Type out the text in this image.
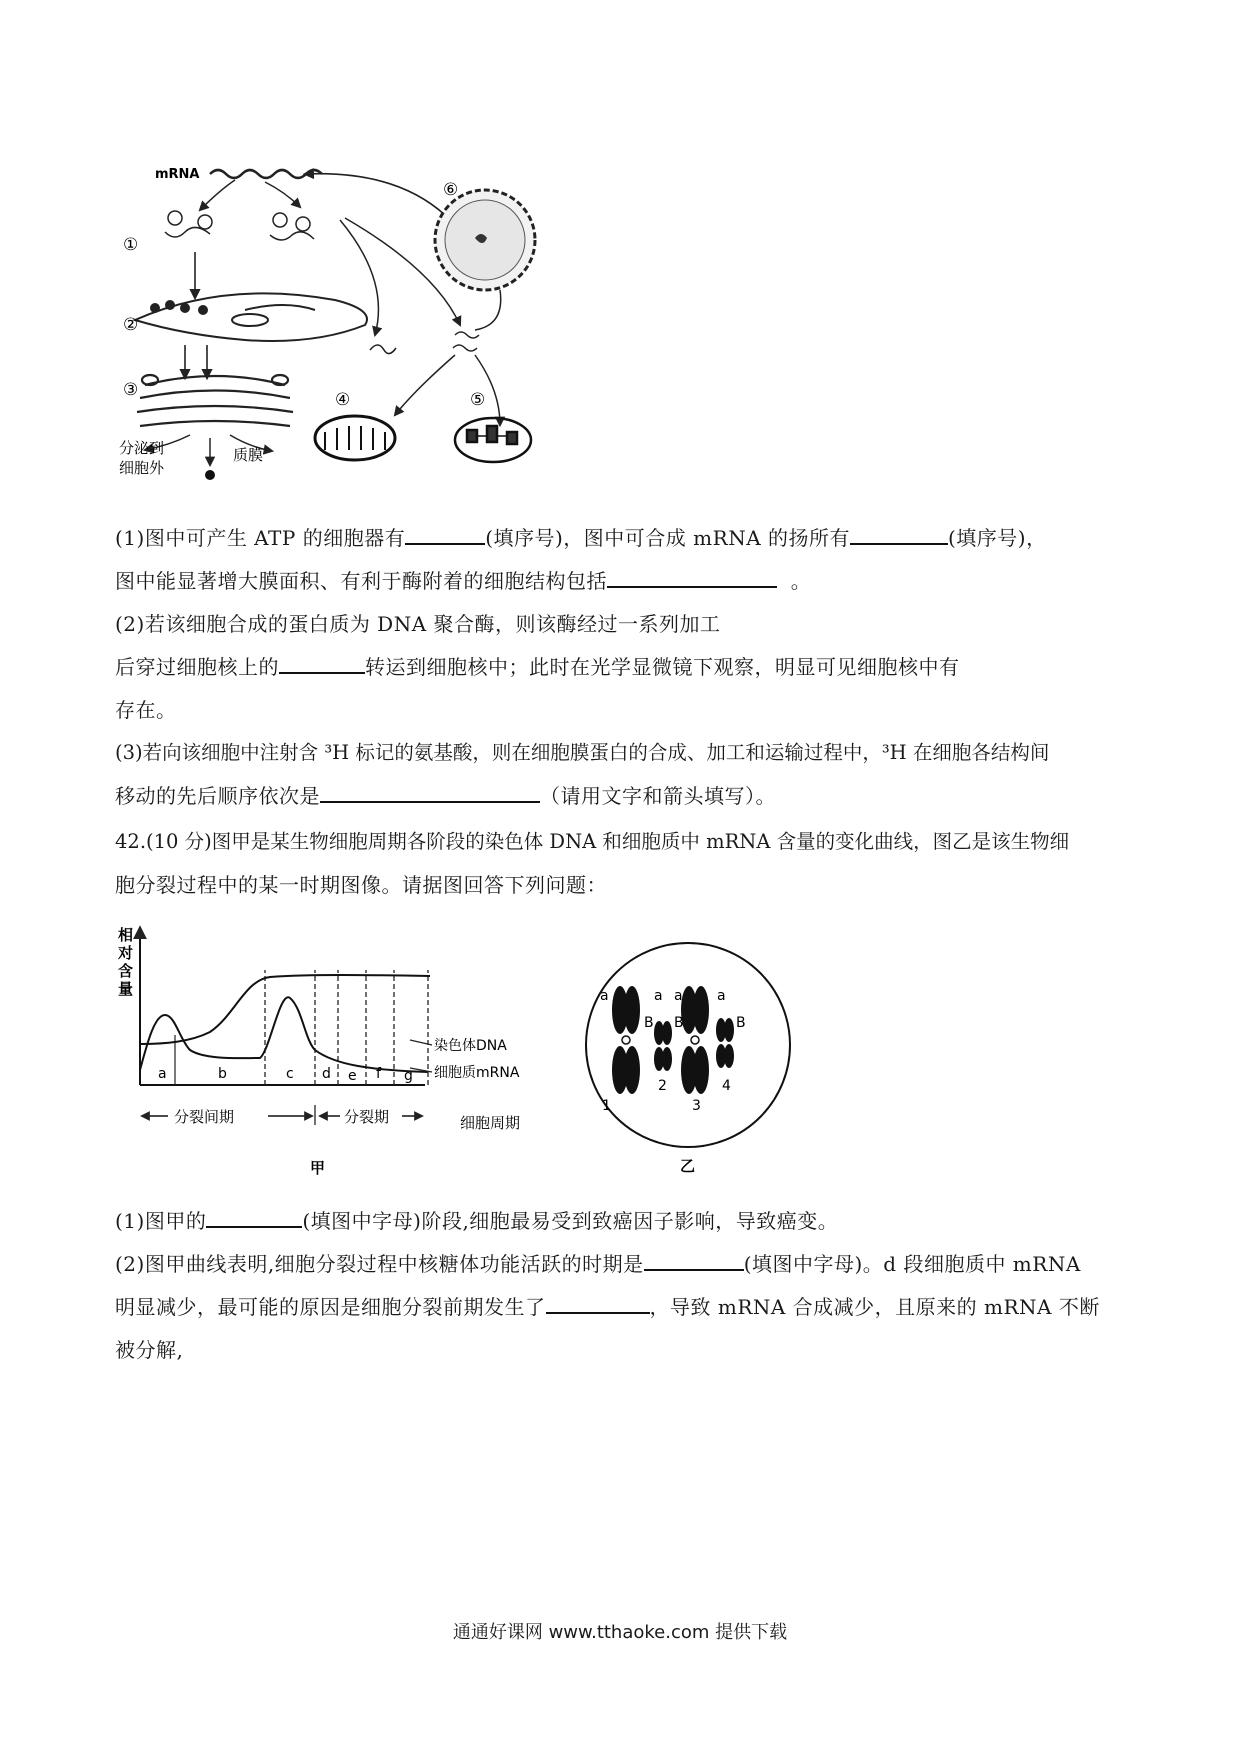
mRNA
①
②
③
分泌到
细胞外
质膜
⑥
④	⑤
(1)图中可产生 ATP 的细胞器有	(填序号)，图中可合成 mRNA 的扬所有	(填序号)，
图中能显著增大膜面积、有利于酶附着的细胞结构包括	。
(2)若该细胞合成的蛋白质为 DNA 聚合酶，则该酶经过一系列加工
后穿过细胞核上的	转运到细胞核中；此时在光学显微镜下观察，明显可见细胞核中有
存在。
(3)若向该细胞中注射含 ³H 标记的氨基酸，则在细胞膜蛋白的合成、加工和运输过程中，³H 在细胞各结构间
移动的先后顺序依次是	（请用文字和箭头填写）。
42.(10 分)图甲是某生物细胞周期各阶段的染色体 DNA 和细胞质中 mRNA 含量的变化曲线，图乙是该生物细
胞分裂过程中的某一时期图像。请据图回答下列问题：
相
对
含
量
染色体DNA
细胞质mRNA
a	b	c d e f g
分裂间期	分裂期	细胞周期
甲
a
B
a a
B
a
B
1
2
3
4
乙
(1)图甲的	(填图中字母)阶段,细胞最易受到致癌因子影响，导致癌变。
(2)图甲曲线表明,细胞分裂过程中核糖体功能活跃的时期是	(填图中字母)。d 段细胞质中 mRNA
明显减少，最可能的原因是细胞分裂前期发生了	，导致 mRNA 合成减少，且原来的 mRNA 不断
被分解,
通通好课网 www.tthaoke.com 提供下载
